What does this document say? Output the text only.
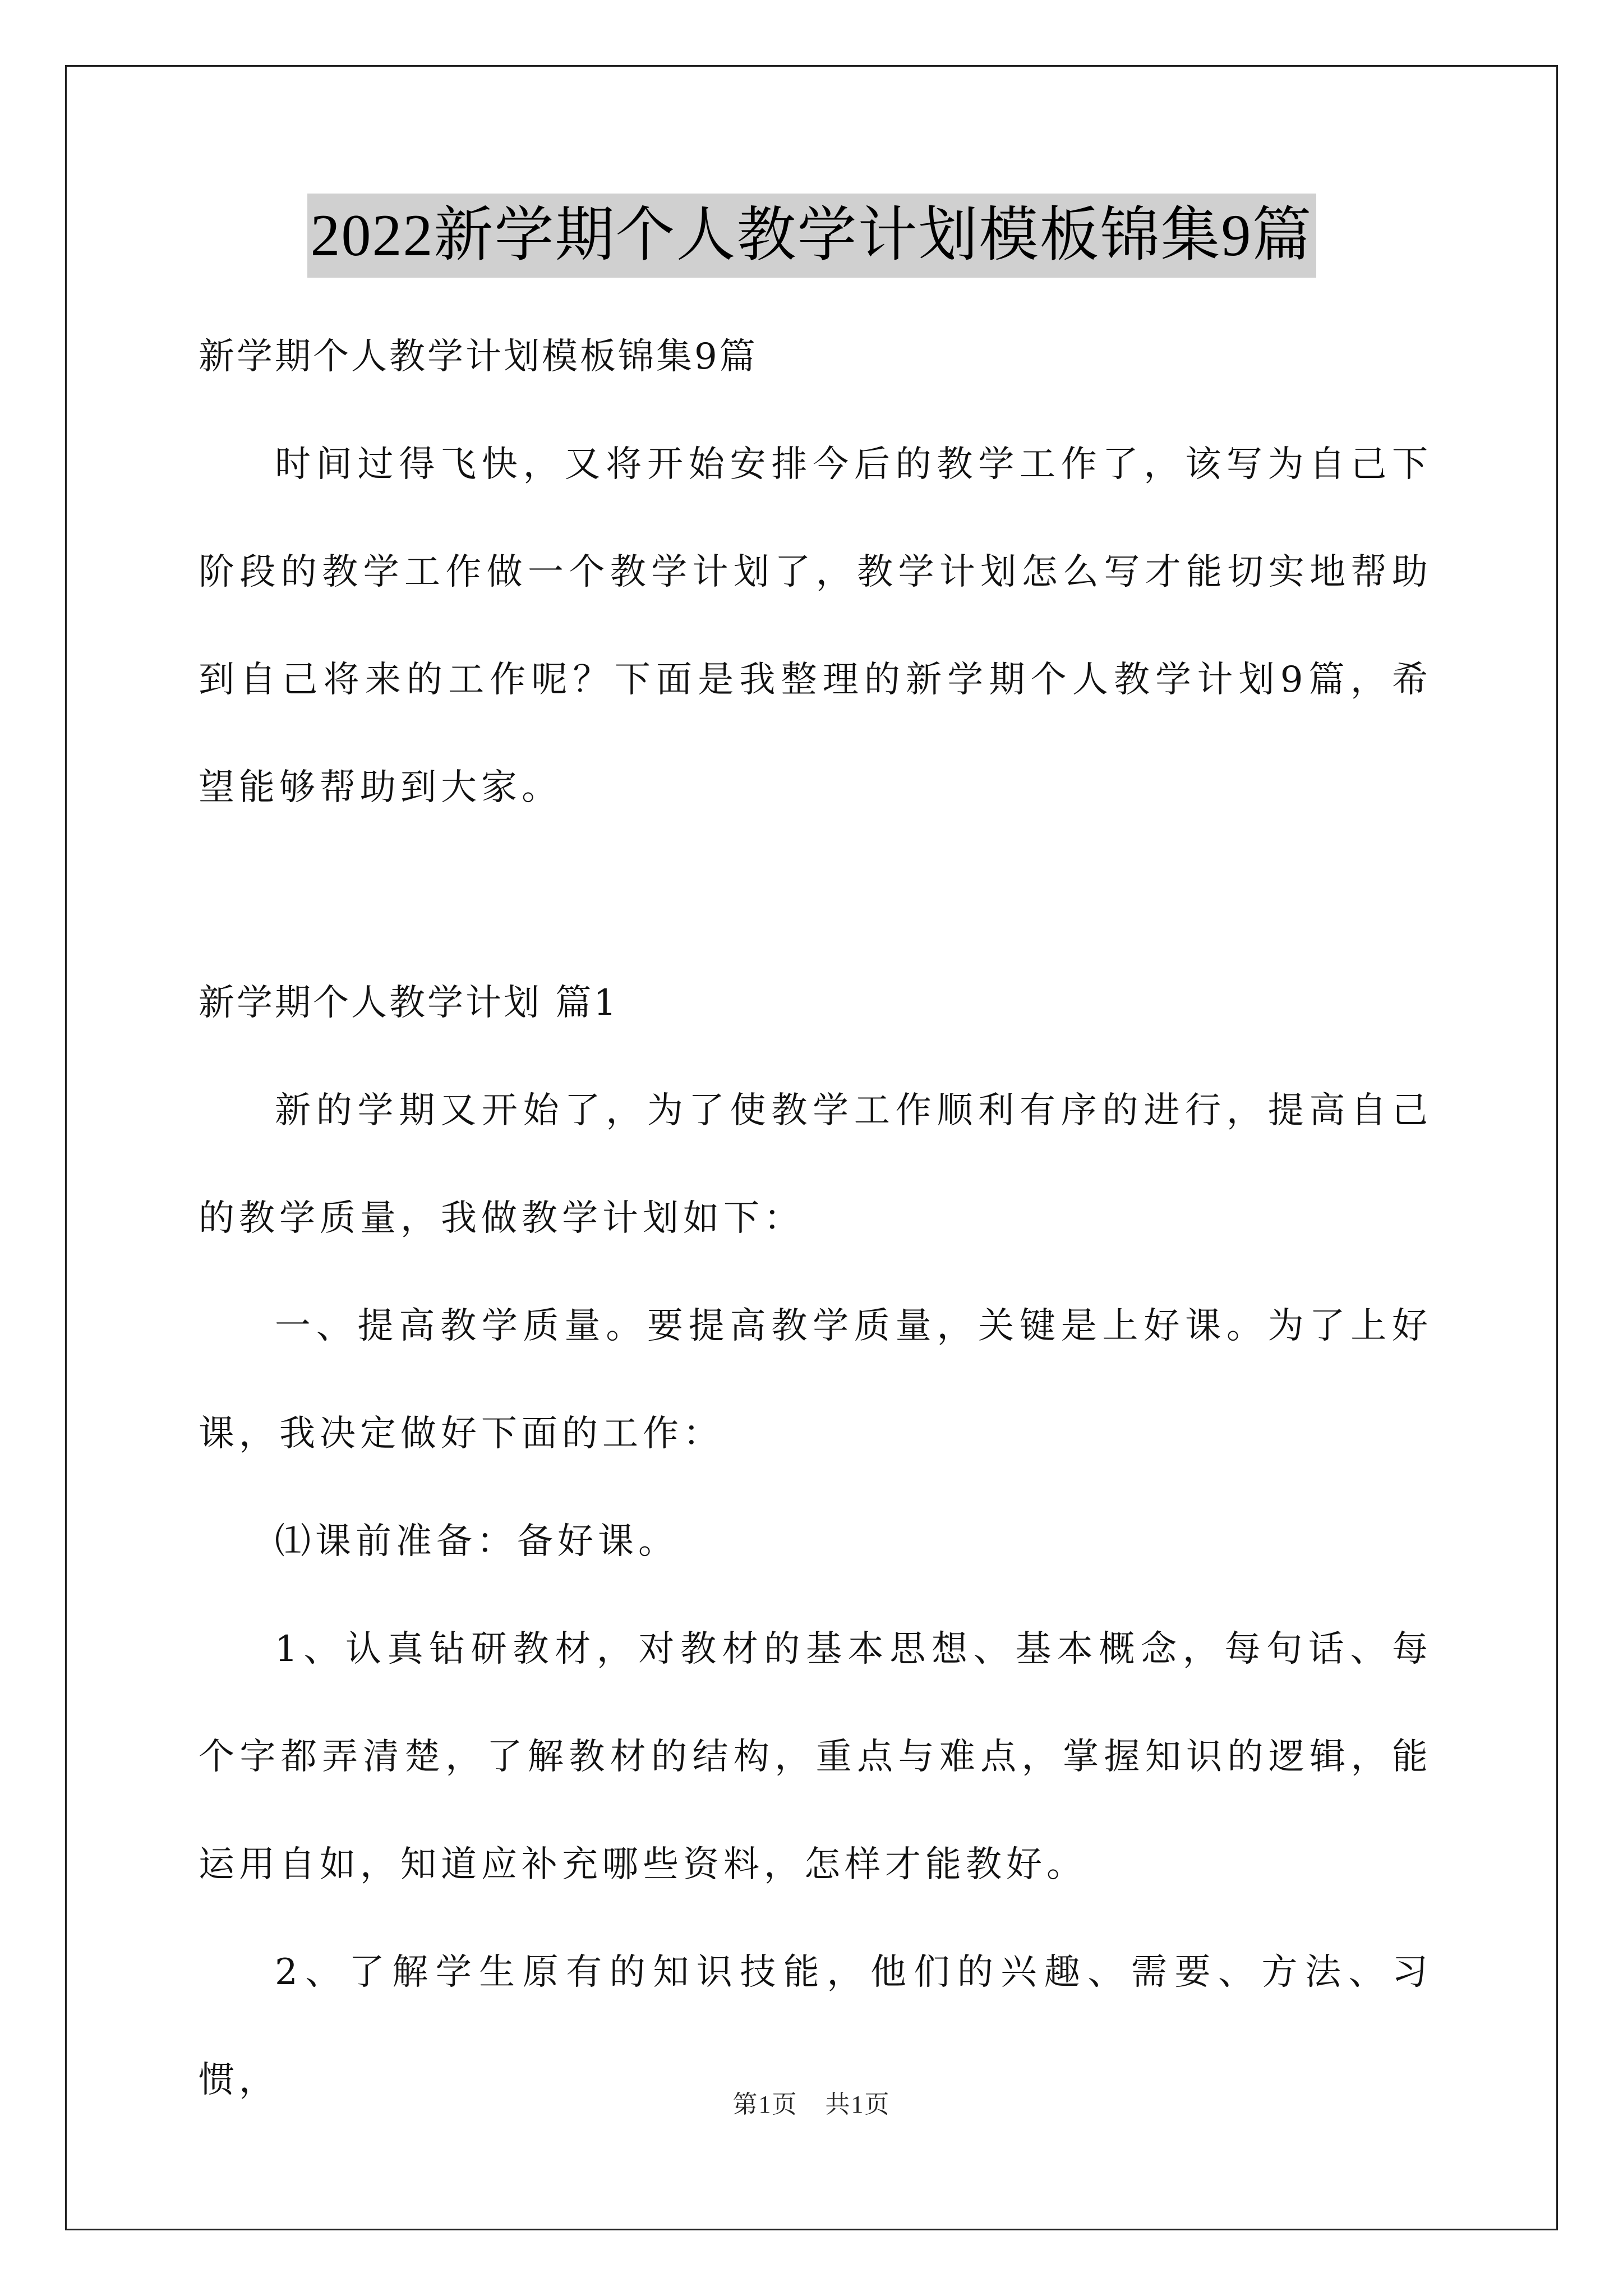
2022新学期个人教学计划模板锦集9篇

新学期个人教学计划模板锦集9篇

时间过得飞快，又将开始安排今后的教学工作了，该写为自己下阶段的教学工作做一个教学计划了，教学计划怎么写才能切实地帮助到自己将来的工作呢？下面是我整理的新学期个人教学计划9篇，希望能够帮助到大家。

新学期个人教学计划 篇1

新的学期又开始了，为了使教学工作顺利有序的进行，提高自己的教学质量，我做教学计划如下：

一、提高教学质量。要提高教学质量，关键是上好课。为了上好课，我决定做好下面的工作：

⑴课前准备：备好课。

1、认真钻研教材，对教材的基本思想、基本概念，每句话、每个字都弄清楚，了解教材的结构，重点与难点，掌握知识的逻辑，能运用自如，知道应补充哪些资料，怎样才能教好。

2、了解学生原有的知识技能，他们的兴趣、需要、方法、习惯，

第1页 共1页
